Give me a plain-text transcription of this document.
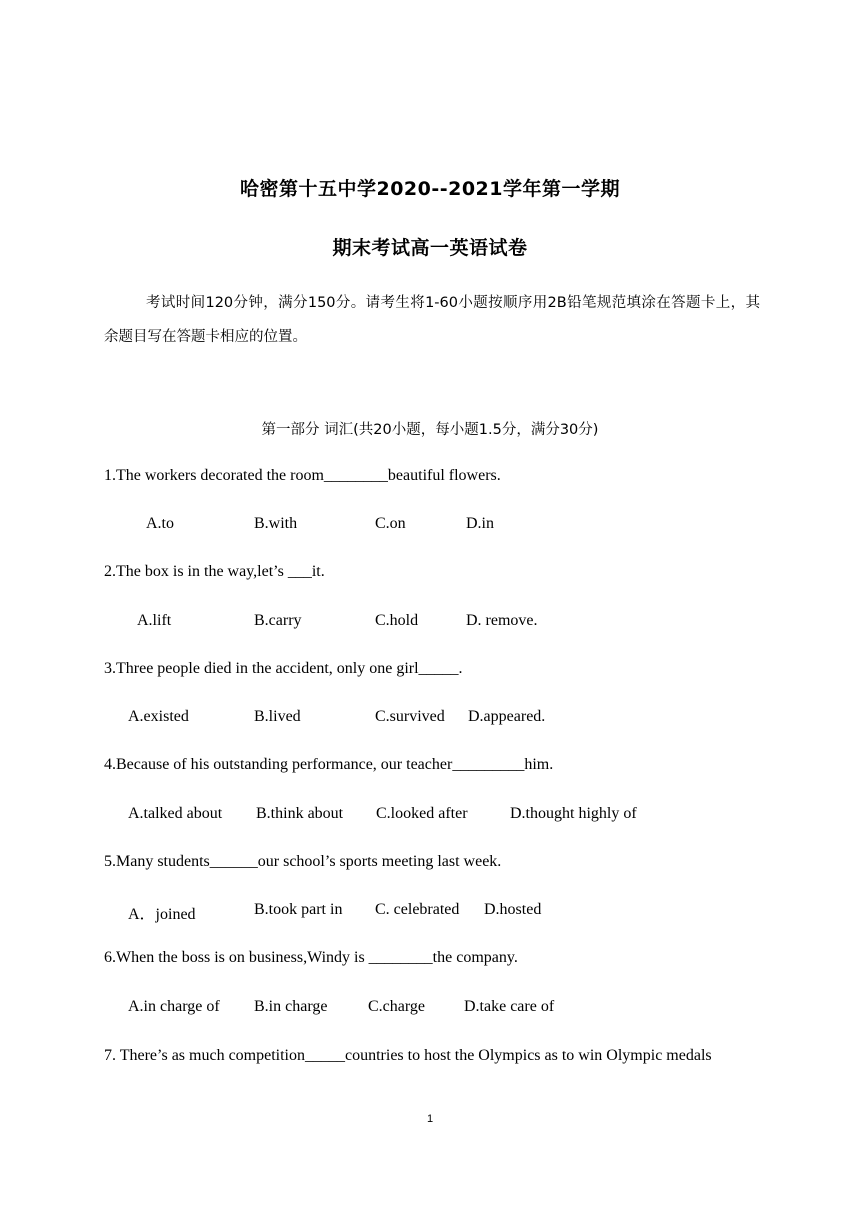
哈密第十五中学2020--2021学年第一学期
期末考试高一英语试卷
考试时间120分钟，满分150分。请考生将1-60小题按顺序用2B铅笔规范填涂在答题卡上，其余题目写在答题卡相应的位置。
第一部分 词汇(共20小题，每小题1.5分，满分30分)
1.The workers decorated the room________beautiful flowers.
A.to	B.with	C.on	D.in
2.The box is in the way,let’s ___it.
A.lift	B.carry	C.hold	D. remove.
3.Three people died in the accident, only one girl_____.
A.existed	B.lived	C.survived D.appeared.
4.Because of his outstanding performance, our teacher_________him.
A.talked about B.think about C.looked after	D.thought highly of
5.Many students______our school’s sports meeting last week.
A．joined	B.took part in C. celebrated D.hosted
6.When the boss is on business,Windy is ________the company.
A.in charge of B.in charge	C.charge D.take care of
7. There’s as much competition_____countries to host the Olympics as to win Olympic medals
1
